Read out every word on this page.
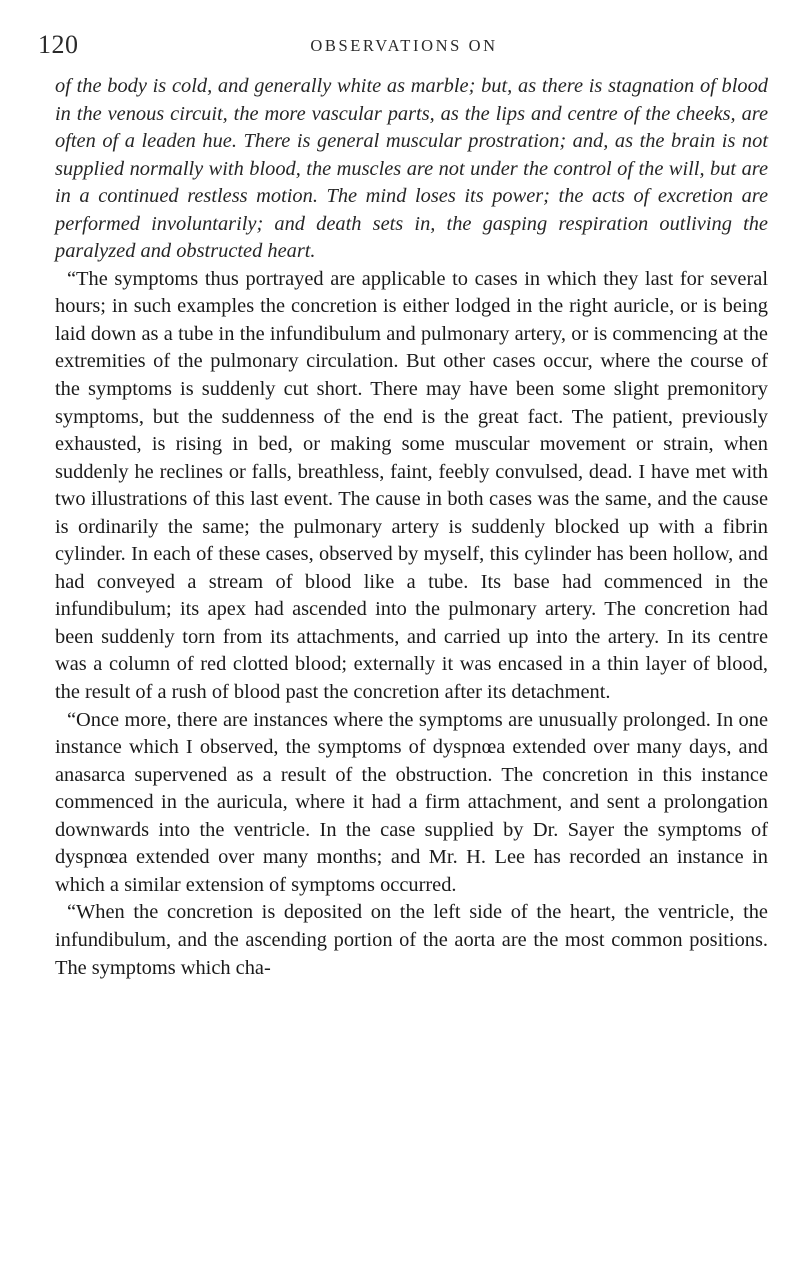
120	OBSERVATIONS ON

of the body is cold, and generally white as marble; but, as there is stagnation of blood in the venous circuit, the more vascular parts, as the lips and centre of the cheeks, are often of a leaden hue. There is general muscular prostration; and, as the brain is not supplied normally with blood, the muscles are not under the control of the will, but are in a continued restless motion. The mind loses its power; the acts of excretion are performed involuntarily; and death sets in, the gasping respiration outliving the paralyzed and obstructed heart.

“The symptoms thus portrayed are applicable to cases in which they last for several hours; in such examples the concretion is either lodged in the right auricle, or is being laid down as a tube in the infundibulum and pulmonary artery, or is commencing at the extremities of the pulmonary circulation. But other cases occur, where the course of the symptoms is suddenly cut short. There may have been some slight premonitory symptoms, but the suddenness of the end is the great fact. The patient, previously exhausted, is rising in bed, or making some muscular movement or strain, when suddenly he reclines or falls, breathless, faint, feebly convulsed, dead. I have met with two illustrations of this last event. The cause in both cases was the same, and the cause is ordinarily the same; the pulmonary artery is suddenly blocked up with a fibrin cylinder. In each of these cases, observed by myself, this cylinder has been hollow, and had conveyed a stream of blood like a tube. Its base had commenced in the infundibulum; its apex had ascended into the pulmonary artery. The concretion had been suddenly torn from its attachments, and carried up into the artery. In its centre was a column of red clotted blood; externally it was encased in a thin layer of blood, the result of a rush of blood past the concretion after its detachment.

“Once more, there are instances where the symptoms are unusually prolonged. In one instance which I observed, the symptoms of dyspnœa extended over many days, and anasarca supervened as a result of the obstruction. The concretion in this instance commenced in the auricula, where it had a firm attachment, and sent a prolongation downwards into the ventricle. In the case supplied by Dr. Sayer the symptoms of dyspnœa extended over many months; and Mr. H. Lee has recorded an instance in which a similar extension of symptoms occurred.

“When the concretion is deposited on the left side of the heart, the ventricle, the infundibulum, and the ascending portion of the aorta are the most common positions. The symptoms which cha-
